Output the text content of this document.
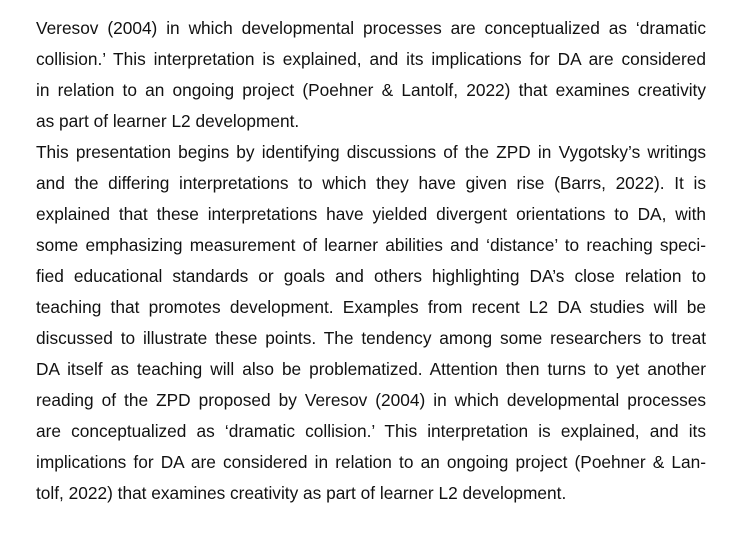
Veresov (2004) in which developmental processes are conceptualized as ‘dramatic
collision.’ This interpretation is explained, and its implications for DA are considered
in relation to an ongoing project (Poehner & Lantolf, 2022) that examines creativity
as part of learner L2 development.
This presentation begins by identifying discussions of the ZPD in Vygotsky’s writings
and the differing interpretations to which they have given rise (Barrs, 2022). It is
explained that these interpretations have yielded divergent orientations to DA, with
some emphasizing measurement of learner abilities and ‘distance’ to reaching speci-
fied educational standards or goals and others highlighting DA’s close relation to
teaching that promotes development. Examples from recent L2 DA studies will be
discussed to illustrate these points. The tendency among some researchers to treat
DA itself as teaching will also be problematized. Attention then turns to yet another
reading of the ZPD proposed by Veresov (2004) in which developmental processes
are conceptualized as ‘dramatic collision.’ This interpretation is explained, and its
implications for DA are considered in relation to an ongoing project (Poehner & Lan-
tolf, 2022) that examines creativity as part of learner L2 development.
